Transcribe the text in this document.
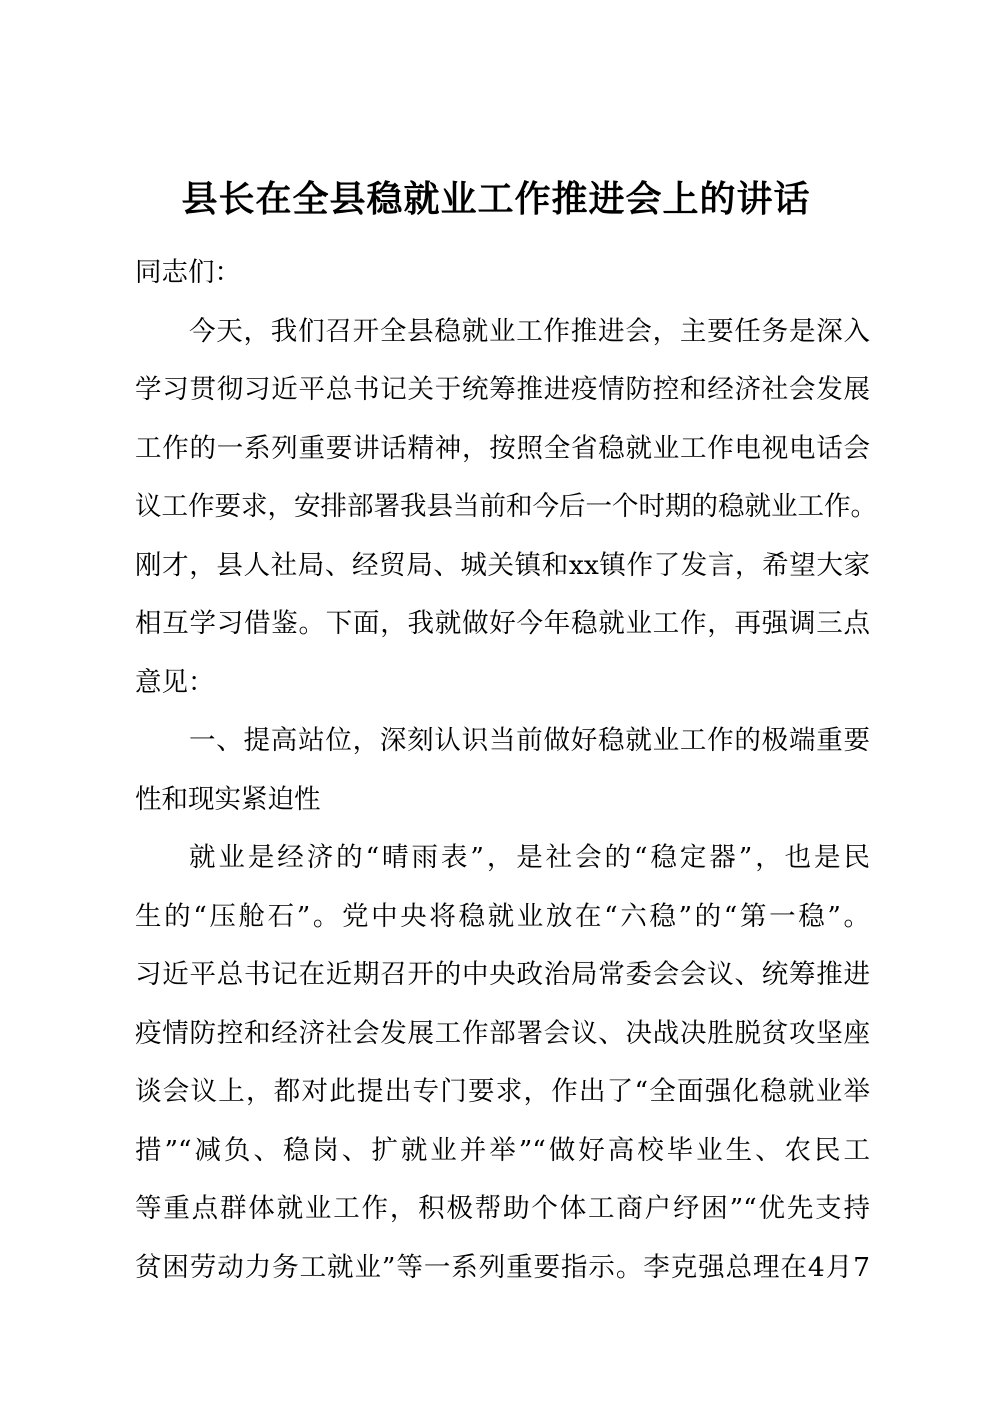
县长在全县稳就业工作推进会上的讲话
同志们：
今天，我们召开全县稳就业工作推进会，主要任务是深入
学习贯彻习近平总书记关于统筹推进疫情防控和经济社会发展
工作的一系列重要讲话精神，按照全省稳就业工作电视电话会
议工作要求，安排部署我县当前和今后一个时期的稳就业工作。
刚才，县人社局、经贸局、城关镇和xx镇作了发言，希望大家
相互学习借鉴。下面，我就做好今年稳就业工作，再强调三点
意见：
一、提高站位，深刻认识当前做好稳就业工作的极端重要
性和现实紧迫性
就业是经济的“晴雨表”，是社会的“稳定器”，也是民
生的“压舱石”。党中央将稳就业放在“六稳”的“第一稳”。
习近平总书记在近期召开的中央政治局常委会会议、统筹推进
疫情防控和经济社会发展工作部署会议、决战决胜脱贫攻坚座
谈会议上，都对此提出专门要求，作出了“全面强化稳就业举
措”“减负、稳岗、扩就业并举”“做好高校毕业生、农民工
等重点群体就业工作，积极帮助个体工商户纾困”“优先支持
贫困劳动力务工就业”等一系列重要指示。李克强总理在4月7
